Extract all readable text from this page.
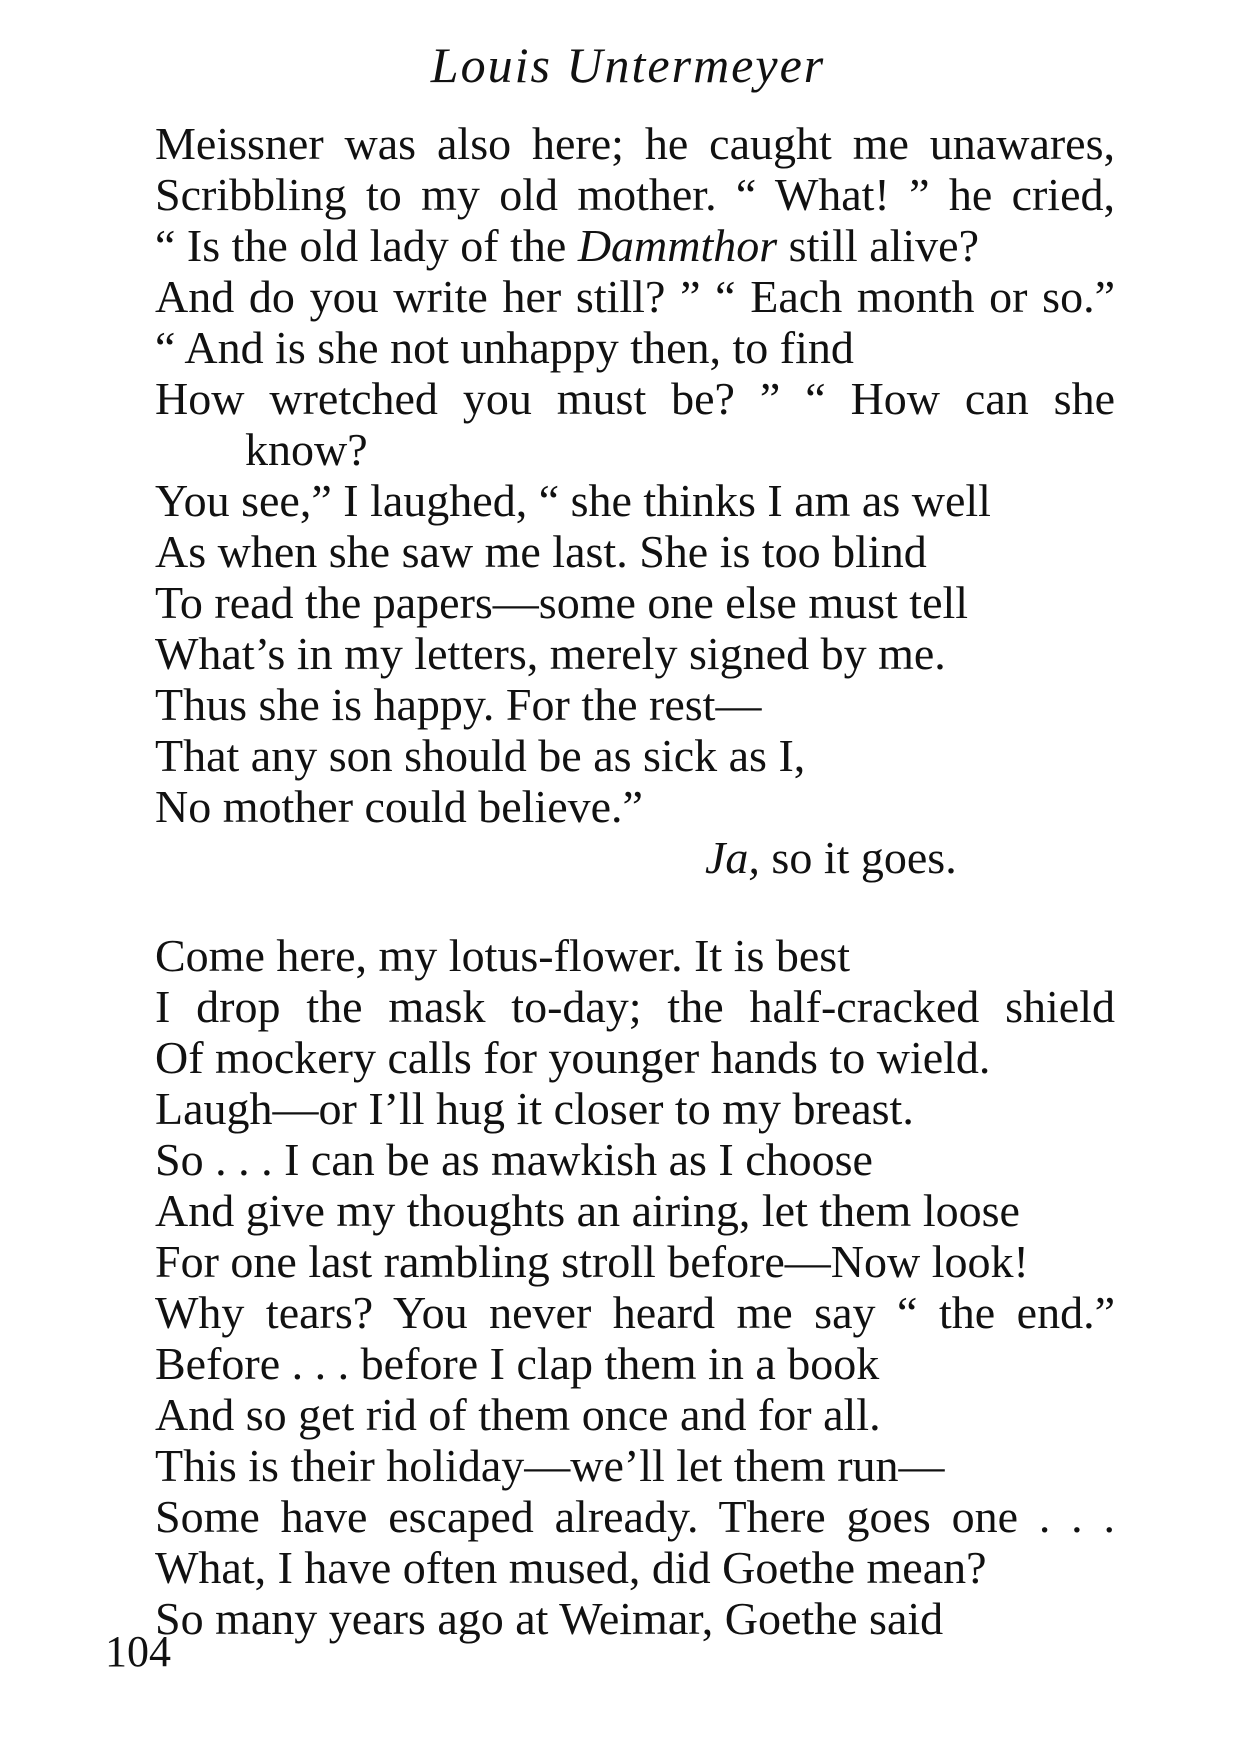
Louis Untermeyer
Meissner was also here; he caught me unawares,
Scribbling to my old mother. “ What! ” he cried,
“ Is the old lady of the Dammthor still alive?
And do you write her still? ” “ Each month or so.”
“ And is she not unhappy then, to find
How wretched you must be? ” “ How can she
know?
You see,” I laughed, “ she thinks I am as well
As when she saw me last. She is too blind
To read the papers—some one else must tell
What’s in my letters, merely signed by me.
Thus she is happy. For the rest—
That any son should be as sick as I,
No mother could believe.”
Ja, so it goes.
Come here, my lotus-flower. It is best
I drop the mask to-day; the half-cracked shield
Of mockery calls for younger hands to wield.
Laugh—or I’ll hug it closer to my breast.
So . . . I can be as mawkish as I choose
And give my thoughts an airing, let them loose
For one last rambling stroll before—Now look!
Why tears? You never heard me say “ the end.”
Before . . . before I clap them in a book
And so get rid of them once and for all.
This is their holiday—we’ll let them run—
Some have escaped already. There goes one . . .
What, I have often mused, did Goethe mean?
So many years ago at Weimar, Goethe said
104
